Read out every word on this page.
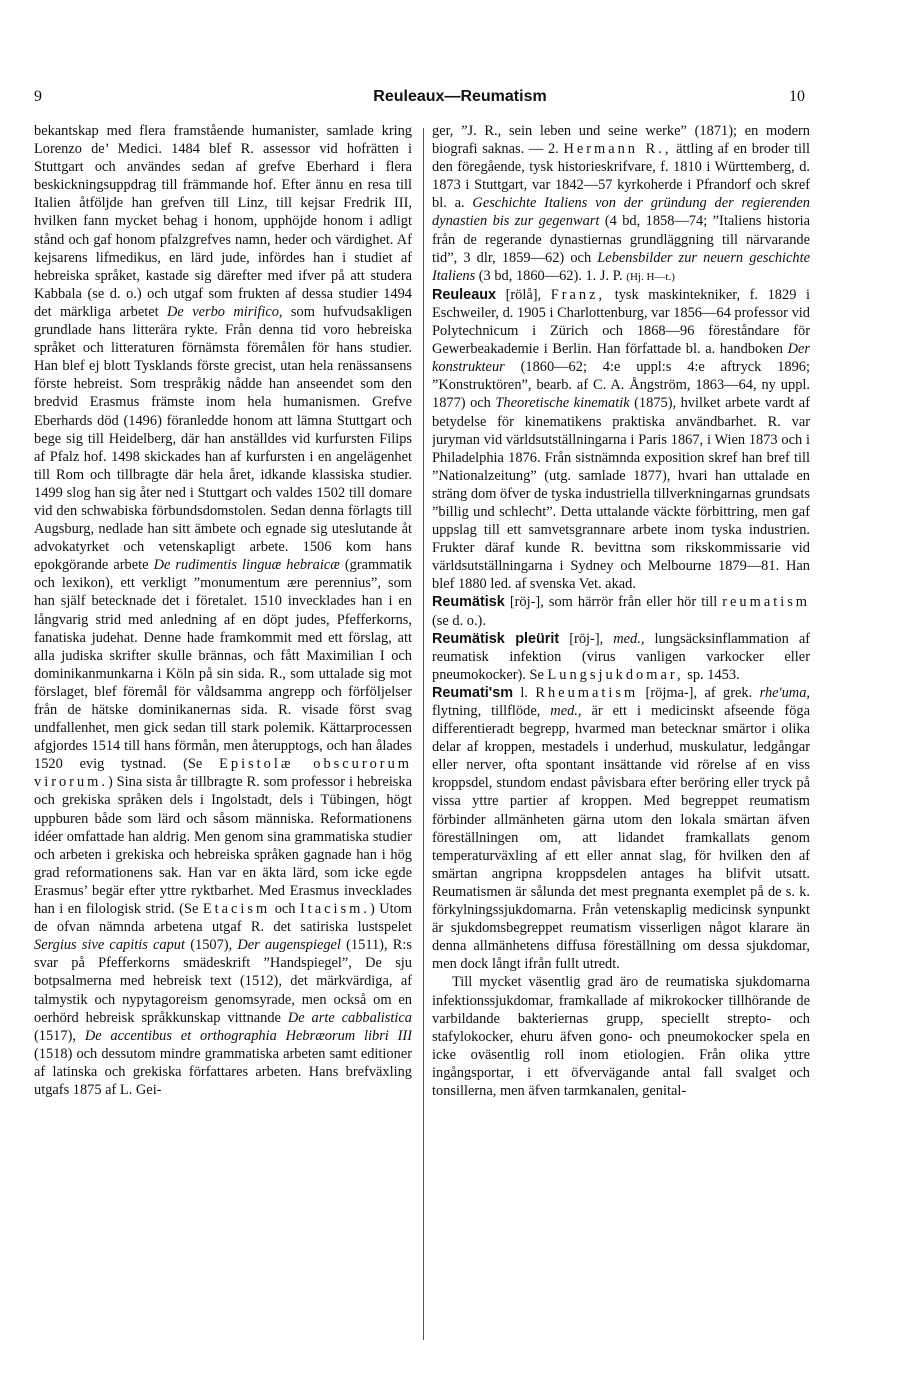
9	Reuleaux—Reumatism	10

bekantskap med flera framstående humanister, samlade kring Lorenzo de’ Medici. 1484 blef R. assessor vid hofrätten i Stuttgart och användes sedan af grefve Eberhard i flera beskickningsuppdrag till främmande hof. Efter ännu en resa till Italien åtföljde han grefven till Linz, till kejsar Fredrik III, hvilken fann mycket behag i honom, upphöjde honom i adligt stånd och gaf honom pfalzgrefves namn, heder och värdighet. Af kejsarens lifmedikus, en lärd jude, infördes han i studiet af hebreiska språket, kastade sig därefter med ifver på att studera Kabbala (se d. o.) och utgaf som frukten af dessa studier 1494 det märkliga arbetet De verbo mirifico, som hufvudsakligen grundlade hans litterära rykte. Från denna tid voro hebreiska språket och litteraturen förnämsta föremålen för hans studier. Han blef ej blott Tysklands förste grecist, utan hela renässansens förste hebreist. Som trespråkig nådde han anseendet som den bredvid Erasmus främste inom hela humanismen. Grefve Eberhards död (1496) föranledde honom att lämna Stuttgart och bege sig till Heidelberg, där han anställdes vid kurfursten Filips af Pfalz hof. 1498 skickades han af kurfursten i en angelägenhet till Rom och tillbragte där hela året, idkande klassiska studier. 1499 slog han sig åter ned i Stuttgart och valdes 1502 till domare vid den schwabiska förbundsdomstolen. Sedan denna förlagts till Augsburg, nedlade han sitt ämbete och egnade sig uteslutande åt advokatyrket och vetenskapligt arbete. 1506 kom hans epokgörande arbete De rudimentis linguæ hebraicæ (grammatik och lexikon), ett verkligt ”monumentum ære perennius”, som han själf betecknade det i företalet. 1510 invecklades han i en långvarig strid med anledning af en döpt judes, Pfefferkorns, fanatiska judehat. Denne hade framkommit med ett förslag, att alla judiska skrifter skulle brännas, och fått Maximilian I och dominikanmunkarna i Köln på sin sida. R., som uttalade sig mot förslaget, blef föremål för våldsamma angrepp och förföljelser från de hätske dominikanernas sida. R. visade först svag undfallenhet, men gick sedan till stark polemik. Kättarprocessen afgjordes 1514 till hans förmån, men återupptogs, och han ålades 1520 evig tystnad. (Se Epistolæ obscurorum virorum.) Sina sista år tillbragte R. som professor i hebreiska och grekiska språken dels i Ingolstadt, dels i Tübingen, högt uppburen både som lärd och såsom människa. Reformationens idéer omfattade han aldrig. Men genom sina grammatiska studier och arbeten i grekiska och hebreiska språken gagnade han i hög grad reformationens sak. Han var en äkta lärd, som icke egde Erasmus’ begär efter yttre ryktbarhet. Med Erasmus invecklades han i en filologisk strid. (Se Etacism och Itacism.) Utom de ofvan nämnda arbetena utgaf R. det satiriska lustspelet Sergius sive capitis caput (1507), Der augenspiegel (1511), R:s svar på Pfefferkorns smädeskrift ”Handspiegel”, De sju botpsalmerna med hebreisk text (1512), det märkvärdiga, af talmystik och nypytagoreism genomsyrade, men också om en oerhörd hebreisk språkkunskap vittnande De arte cabbalistica (1517), De accentibus et orthographia Hebræorum libri III (1518) och dessutom mindre grammatiska arbeten samt editioner af latinska och grekiska författares arbeten. Hans brefväxling utgafs 1875 af L. Gei-

ger, ”J. R., sein leben und seine werke” (1871); en modern biografi saknas. — 2. Hermann R., ättling af en broder till den föregående, tysk historieskrifvare, f. 1810 i Württemberg, d. 1873 i Stuttgart, var 1842—57 kyrkoherde i Pfrandorf och skref bl. a. Geschichte Italiens von der gründung der regierenden dynastien bis zur gegenwart (4 bd, 1858—74; ”Italiens historia från de regerande dynastiernas grundläggning till närvarande tid”, 3 dlr, 1859—62) och Lebensbilder zur neuern geschichte Italiens (3 bd, 1860—62). 1. J. P. (Hj. H—t.)

Reuleaux [rölå], Franz, tysk maskintekniker, f. 1829 i Eschweiler, d. 1905 i Charlottenburg, var 1856—64 professor vid Polytechnicum i Zürich och 1868—96 föreståndare för Gewerbeakademie i Berlin. Han författade bl. a. handboken Der konstrukteur (1860—62; 4:e uppl:s 4:e aftryck 1896; ”Konstruktören”, bearb. af C. A. Ångström, 1863—64, ny uppl. 1877) och Theoretische kinematik (1875), hvilket arbete vardt af betydelse för kinematikens praktiska användbarhet. R. var juryman vid världsutställningarna i Paris 1867, i Wien 1873 och i Philadelphia 1876. Från sistnämnda exposition skref han bref till ”Nationalzeitung” (utg. samlade 1877), hvari han uttalade en sträng dom öfver de tyska industriella tillverkningarnas grundsats ”billig und schlecht”. Detta uttalande väckte förbittring, men gaf uppslag till ett samvetsgrannare arbete inom tyska industrien. Frukter däraf kunde R. bevittna som rikskommissarie vid världsutställningarna i Sydney och Melbourne 1879—81. Han blef 1880 led. af svenska Vet. akad.

Reumätisk [röj-], som härrör från eller hör till reumatism (se d. o.).

Reumätisk pleürit [röj-], med., lungsäcksinflammation af reumatisk infektion (virus vanligen varkocker eller pneumokocker). Se Lungsjukdomar, sp. 1453.

Reumati'sm l. Rheumatism [röjma-], af grek. rhe'uma, flytning, tillflöde, med., är ett i medicinskt afseende föga differentieradt begrepp, hvarmed man betecknar smärtor i olika delar af kroppen, mestadels i underhud, muskulatur, ledgångar eller nerver, ofta spontant insättande vid rörelse af en viss kroppsdel, stundom endast påvisbara efter beröring eller tryck på vissa yttre partier af kroppen. Med begreppet reumatism förbinder allmänheten gärna utom den lokala smärtan äfven föreställningen om, att lidandet framkallats genom temperaturväxling af ett eller annat slag, för hvilken den af smärtan angripna kroppsdelen antages ha blifvit utsatt. Reumatismen är sålunda det mest pregnanta exemplet på de s. k. förkylningssjukdomarna. Från vetenskaplig medicinsk synpunkt är sjukdomsbegreppet reumatism visserligen något klarare än denna allmänhetens diffusa föreställning om dessa sjukdomar, men dock långt ifrån fullt utredt.

Till mycket väsentlig grad äro de reumatiska sjukdomarna infektionssjukdomar, framkallade af mikrokocker tillhörande de varbildande bakteriernas grupp, speciellt strepto- och stafylokocker, ehuru äfven gono- och pneumokocker spela en icke oväsentlig roll inom etiologien. Från olika yttre ingångsportar, i ett öfvervägande antal fall svalget och tonsillerna, men äfven tarmkanalen, genital-
